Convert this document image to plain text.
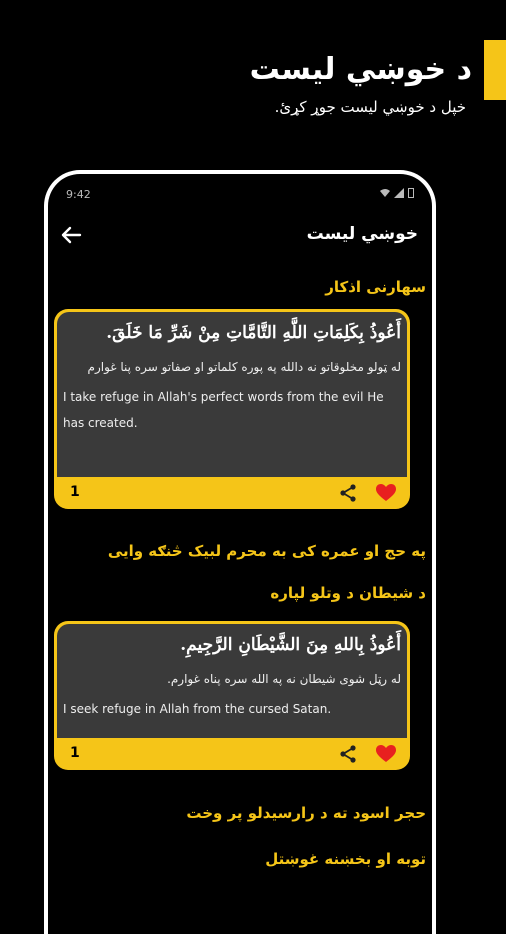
د خوښي لیست
خپل د خوښي لیست جوړ کړئ.
9:42
خوښي لیست
سهارنی اذکار
أَعُوذُ بِكَلِمَاتِ اللَّهِ التَّامَّاتِ مِنْ شَرِّ مَا خَلَقَ.
له ټولو مخلوقاتو نه دالله په پوره کلماتو او صفاتو سره پنا غوارم
I take refuge in Allah's perfect words from the evil He has created.
1
په حج او عمره کی به محرم لبیک څنګه وایی
د شیطان د وتلو لپاره
أَعُوذُ بِاللهِ مِنَ الشَّيْطَانِ الرَّجِيمِ.
له رټل شوی شیطان نه په الله سره پناه غوارم.
I seek refuge in Allah from the cursed Satan.
1
حجر اسود ته د رارسیدلو پر وخت
توبه او بخښنه غوښتل
